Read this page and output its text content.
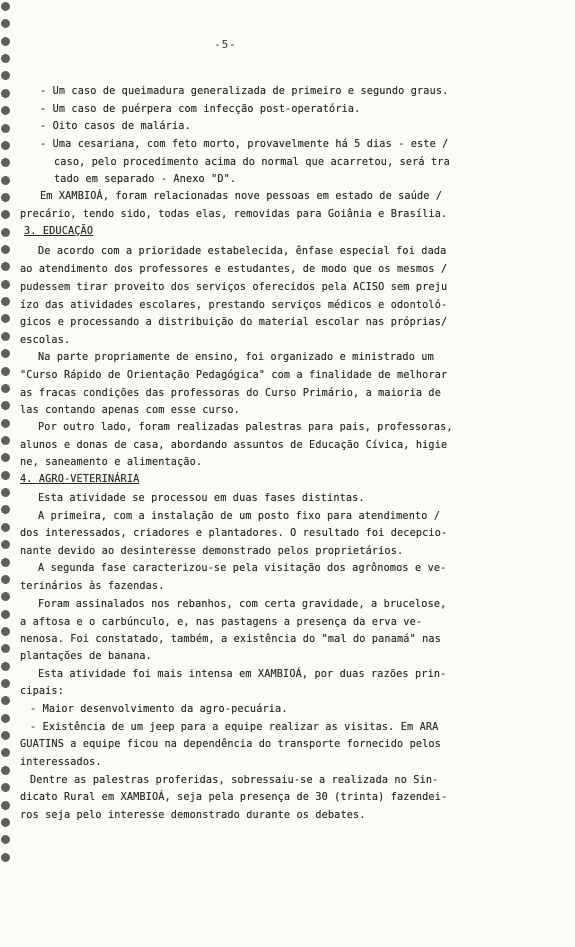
-5-
- Um caso de queimadura generalizada de primeiro e segundo graus.
- Um caso de puérpera com infecção post-operatória.
- Oito casos de malária.
- Uma cesariana, com feto morto, provavelmente há 5 dias - este /
caso, pelo procedimento acima do normal que acarretou, será tra
tado em separado - Anexo "D".
Em XAMBIOÁ, foram relacionadas nove pessoas em estado de saúde /
precário, tendo sido, todas elas, removidas para Goiânia e Brasília.
3. EDUCAÇÃO
De acordo com a prioridade estabelecida, ênfase especial foi dada
ao atendimento dos professores e estudantes, de modo que os mesmos /
pudessem tirar proveito dos serviços oferecidos pela ACISO sem preju
ízo das atividades escolares, prestando serviços médicos e odontoló-
gicos e processando a distribuição do material escolar nas próprias/
escolas.
Na parte propriamente de ensino, foi organizado e ministrado um
"Curso Rápido de Orientação Pedagógica" com a finalidade de melhorar
as fracas condições das professoras do Curso Primário, a maioria de
las contando apenas com esse curso.
Por outro lado, foram realizadas palestras para pais, professoras,
alunos e donas de casa, abordando assuntos de Educação Cívica, higie
ne, saneamento e alimentação.
4. AGRO-VETERINÁRIA
Esta atividade se processou em duas fases distintas.
A primeira, com a instalação de um posto fixo para atendimento /
dos interessados, criadores e plantadores. O resultado foi decepcio-
nante devido ao desinteresse demonstrado pelos proprietários.
A segunda fase caracterizou-se pela visitação dos agrônomos e ve-
terinários às fazendas.
Foram assinalados nos rebanhos, com certa gravidade, a brucelose,
a aftosa e o carbúnculo, e, nas pastagens a presença da erva ve-
nenosa. Foi constatado, também, a existência do "mal do panamá" nas
plantações de banana.
Esta atividade foi mais intensa em XAMBIOÁ, por duas razões prin-
cipais:
- Maior desenvolvimento da agro-pecuária.
- Existência de um jeep para a equipe realizar as visitas. Em ARA
GUATINS a equipe ficou na dependência do transporte fornecido pelos
interessados.
Dentre as palestras proferidas, sobressaiu-se a realizada no Sin-
dicato Rural em XAMBIOÁ, seja pela presença de 30 (trinta) fazendei-
ros seja pelo interesse demonstrado durante os debates.
